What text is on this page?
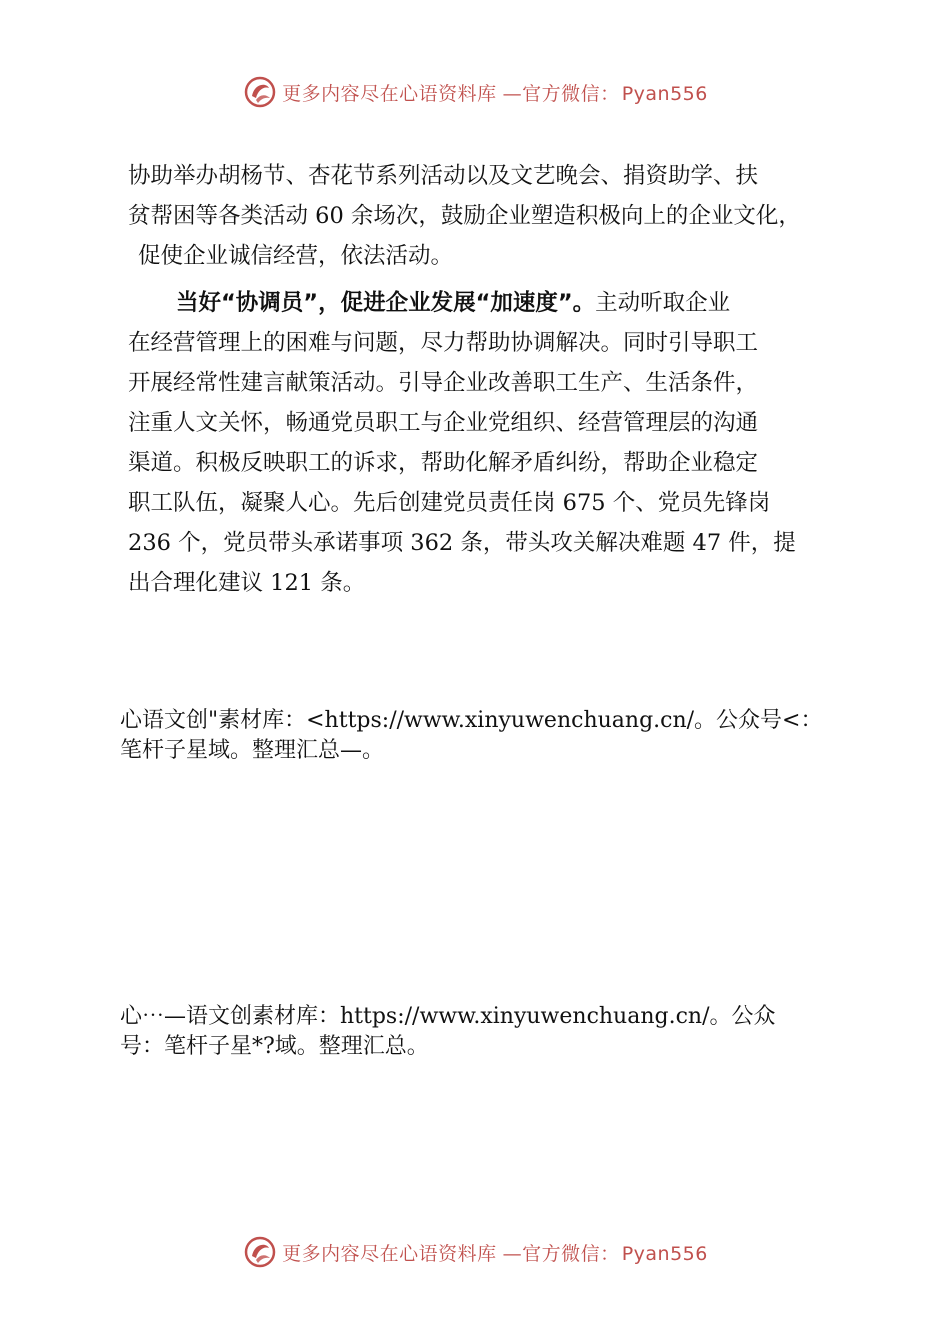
更多内容尽在心语资料库 —官方微信： Pyan556

协助举办胡杨节、杏花节系列活动以及文艺晚会、捐资助学、扶
贫帮困等各类活动 60 余场次，鼓励企业塑造积极向上的企业文化，
促使企业诚信经营，依法活动。

当好“协调员”，促进企业发展“加速度”。主动听取企业
在经营管理上的困难与问题，尽力帮助协调解决。同时引导职工
开展经常性建言献策活动。引导企业改善职工生产、生活条件，
注重人文关怀，畅通党员职工与企业党组织、经营管理层的沟通
渠道。积极反映职工的诉求，帮助化解矛盾纠纷，帮助企业稳定
职工队伍，凝聚人心。先后创建党员责任岗 675 个、党员先锋岗
236 个，党员带头承诺事项 362 条，带头攻关解决难题 47 件，提
出合理化建议 121 条。

心语文创"素材库：<https://www.xinyuwenchuang.cn/。公众号<：
笔杆子星域。整理汇总—。

心⋯—语文创素材库：https://www.xinyuwenchuang.cn/。公众
号：笔杆子星*?域。整理汇总。

更多内容尽在心语资料库 —官方微信： Pyan556
